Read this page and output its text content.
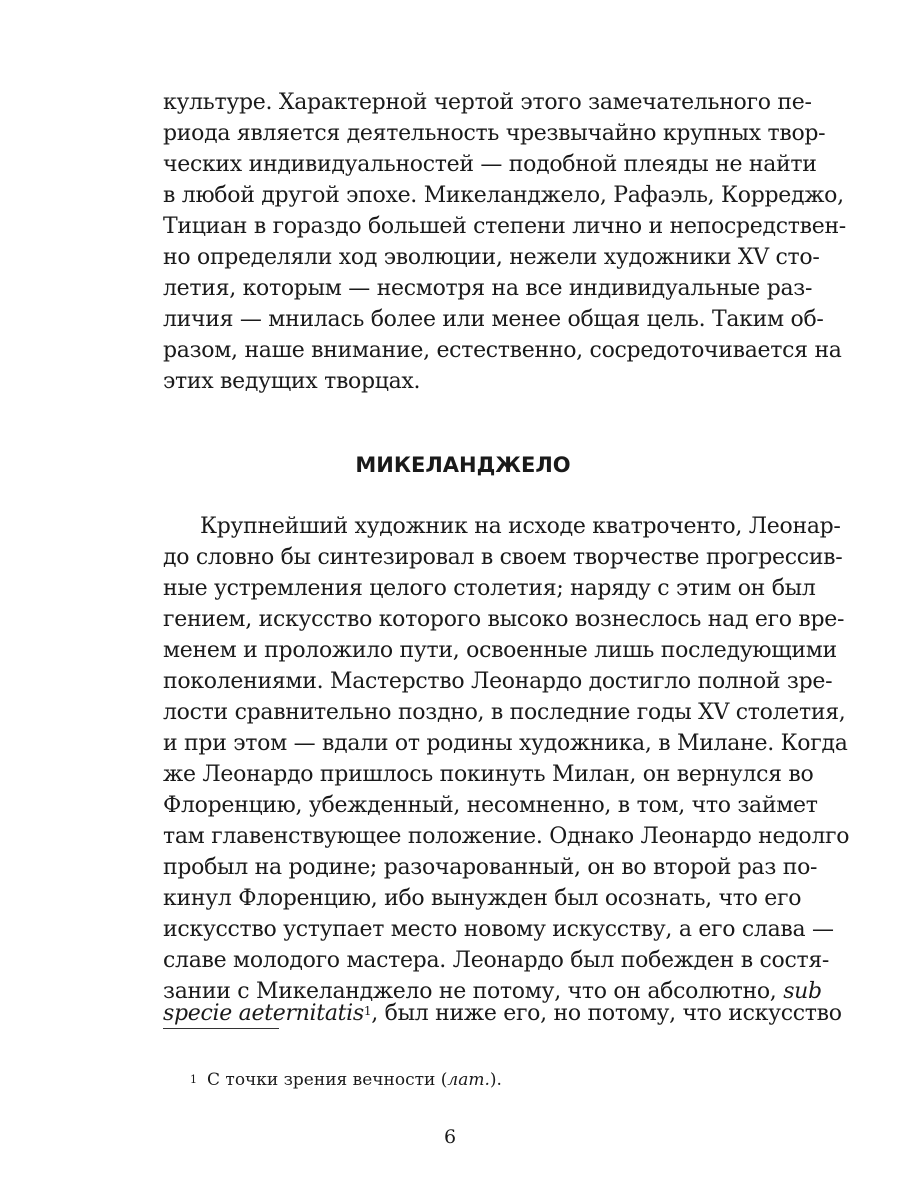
культуре. Характерной чертой этого замечательного пе-
риода является деятельность чрезвычайно крупных твор-
ческих индивидуальностей — подобной плеяды не найти
в любой другой эпохе. Микеланджело, Рафаэль, Корреджо,
Тициан в гораздо большей степени лично и непосредствен-
но определяли ход эволюции, нежели художники XV сто-
летия, которым — несмотря на все индивидуальные раз-
личия — мнилась более или менее общая цель. Таким об-
разом, наше внимание, естественно, сосредоточивается на
этих ведущих творцах.
МИКЕЛАНДЖЕЛО
Крупнейший художник на исходе кватроченто, Леонар-
до словно бы синтезировал в своем творчестве прогрессив-
ные устремления целого столетия; наряду с этим он был
гением, искусство которого высоко вознеслось над его вре-
менем и проложило пути, освоенные лишь последующими
поколениями. Мастерство Леонардо достигло полной зре-
лости сравнительно поздно, в последние годы XV столетия,
и при этом — вдали от родины художника, в Милане. Когда
же Леонардо пришлось покинуть Милан, он вернулся во
Флоренцию, убежденный, несомненно, в том, что займет
там главенствующее положение. Однако Леонардо недолго
пробыл на родине; разочарованный, он во второй раз по-
кинул Флоренцию, ибо вынужден был осознать, что его
искусство уступает место новому искусству, а его слава —
славе молодого мастера. Леонардо был побежден в состя-
зании с Микеланджело не потому, что он абсолютно, sub
specie aeternitatis$^1$, был ниже его, но потому, что искусство
$^1$ С точки зрения вечности (лат.).
6
